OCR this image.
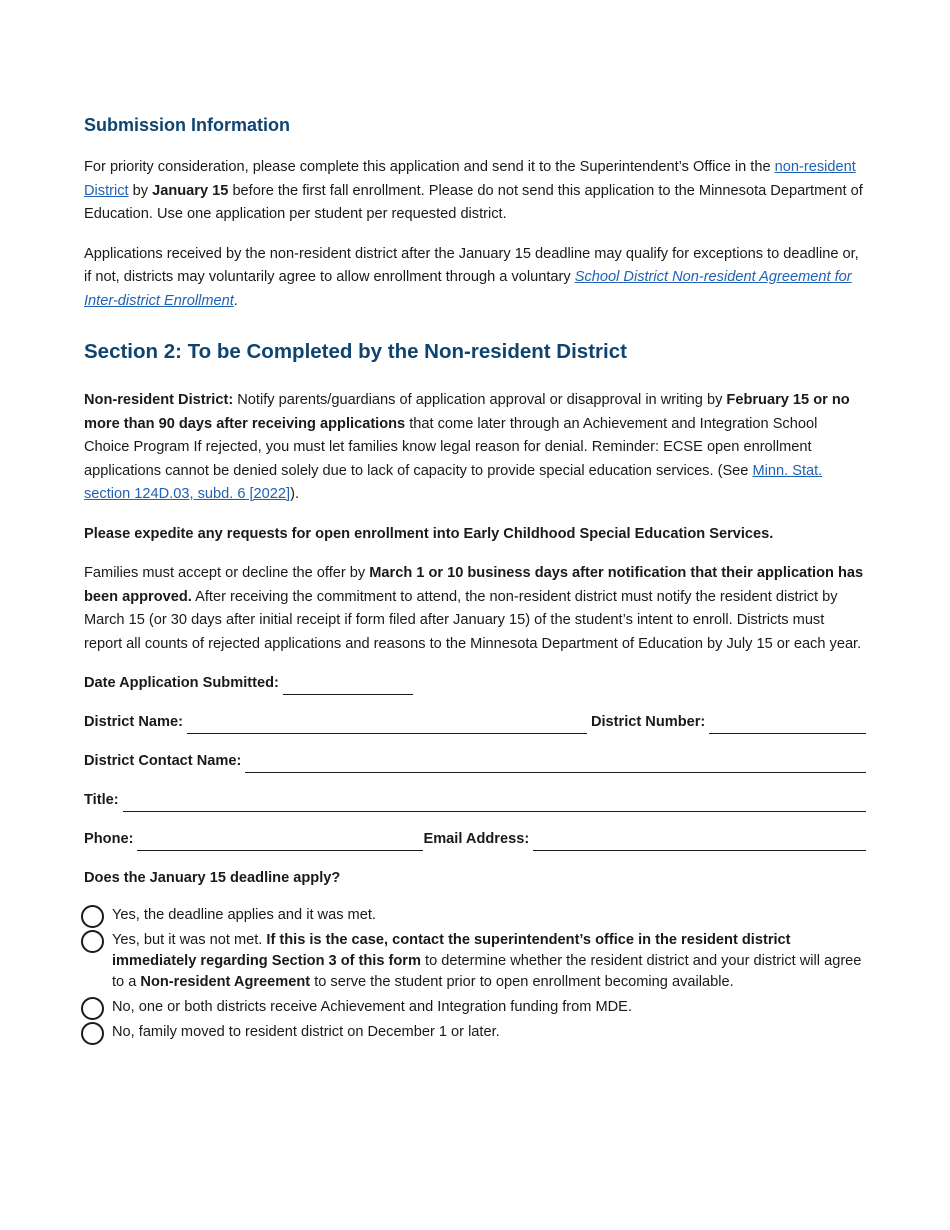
Submission Information

For priority consideration, please complete this application and send it to the Superintendent’s Office in the non-resident District by January 15 before the first fall enrollment. Please do not send this application to the Minnesota Department of Education. Use one application per student per requested district.

Applications received by the non-resident district after the January 15 deadline may qualify for exceptions to deadline or, if not, districts may voluntarily agree to allow enrollment through a voluntary School District Non-resident Agreement for Inter-district Enrollment.

Section 2: To be Completed by the Non-resident District

Non-resident District: Notify parents/guardians of application approval or disapproval in writing by February 15 or no more than 90 days after receiving applications that come later through an Achievement and Integration School Choice Program If rejected, you must let families know legal reason for denial. Reminder: ECSE open enrollment applications cannot be denied solely due to lack of capacity to provide special education services. (See Minn. Stat. section 124D.03, subd. 6 [2022]).

Please expedite any requests for open enrollment into Early Childhood Special Education Services.

Families must accept or decline the offer by March 1 or 10 business days after notification that their application has been approved. After receiving the commitment to attend, the non-resident district must notify the resident district by March 15 (or 30 days after initial receipt if form filed after January 15) of the student’s intent to enroll. Districts must report all counts of rejected applications and reasons to the Minnesota Department of Education by July 15 or each year.

Date Application Submitted:
District Name:	District Number:
District Contact Name:
Title:
Phone:	Email Address:
Does the January 15 deadline apply?
Yes, the deadline applies and it was met.
Yes, but it was not met. If this is the case, contact the superintendent’s office in the resident district immediately regarding Section 3 of this form to determine whether the resident district and your district will agree to a Non-resident Agreement to serve the student prior to open enrollment becoming available.
No, one or both districts receive Achievement and Integration funding from MDE.
No, family moved to resident district on December 1 or later.
